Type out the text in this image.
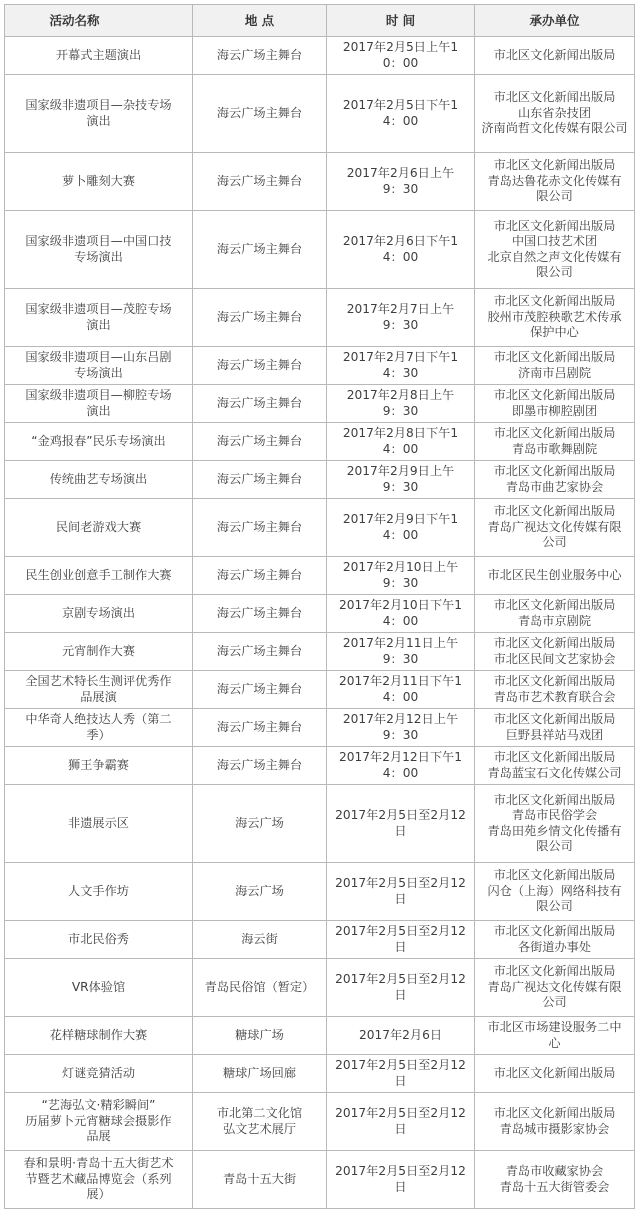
活动名称	地 点	时 间	承办单位

开幕式主题演出	海云广场主舞台	2017年2月5日上午1
0：00	市北区文化新闻出版局

国家级非遗项目—杂技专场
演出	海云广场主舞台	2017年2月5日下午1
4：00	市北区文化新闻出版局
山东省杂技团
济南尚哲文化传媒有限公司

萝卜雕刻大赛	海云广场主舞台	2017年2月6日上午
9：30	市北区文化新闻出版局
青岛达鲁花赤文化传媒有
限公司

国家级非遗项目—中国口技
专场演出	海云广场主舞台	2017年2月6日下午1
4：00	市北区文化新闻出版局
中国口技艺术团
北京自然之声文化传媒有
限公司

国家级非遗项目—茂腔专场
演出	海云广场主舞台	2017年2月7日上午
9：30	市北区文化新闻出版局
胶州市茂腔秧歌艺术传承
保护中心

国家级非遗项目—山东吕剧
专场演出	海云广场主舞台	2017年2月7日下午1
4：30	市北区文化新闻出版局
济南市吕剧院

国家级非遗项目—柳腔专场
演出	海云广场主舞台	2017年2月8日上午
9：30	市北区文化新闻出版局
即墨市柳腔剧团

“金鸡报春”民乐专场演出	海云广场主舞台	2017年2月8日下午1
4：00	市北区文化新闻出版局
青岛市歌舞剧院

传统曲艺专场演出	海云广场主舞台	2017年2月9日上午
9：30	市北区文化新闻出版局
青岛市曲艺家协会

民间老游戏大赛	海云广场主舞台	2017年2月9日下午1
4：00	市北区文化新闻出版局
青岛广视达文化传媒有限
公司

民生创业创意手工制作大赛	海云广场主舞台	2017年2月10日上午
9：30	市北区民生创业服务中心

京剧专场演出	海云广场主舞台	2017年2月10日下午1
4：00	市北区文化新闻出版局
青岛市京剧院

元宵制作大赛	海云广场主舞台	2017年2月11日上午
9：30	市北区文化新闻出版局
市北区民间文艺家协会

全国艺术特长生测评优秀作
品展演	海云广场主舞台	2017年2月11日下午1
4：00	市北区文化新闻出版局
青岛市艺术教育联合会

中华奇人绝技达人秀（第二
季）	海云广场主舞台	2017年2月12日上午
9：30	市北区文化新闻出版局
巨野县祥站马戏团

狮王争霸赛	海云广场主舞台	2017年2月12日下午1
4：00	市北区文化新闻出版局
青岛蓝宝石文化传媒公司

非遗展示区	海云广场	2017年2月5日至2月12
日	市北区文化新闻出版局
青岛市民俗学会
青岛田苑乡情文化传播有
限公司

人文手作坊	海云广场	2017年2月5日至2月12
日	市北区文化新闻出版局
闪仓（上海）网络科技有
限公司

市北民俗秀	海云街	2017年2月5日至2月12
日	市北区文化新闻出版局
各街道办事处

VR体验馆	青岛民俗馆（暂定）	2017年2月5日至2月12
日	市北区文化新闻出版局
青岛广视达文化传媒有限
公司

花样糖球制作大赛	糖球广场	2017年2月6日	市北区市场建设服务二中
心

灯谜竞猜活动	糖球广场回廊	2017年2月5日至2月12
日	市北区文化新闻出版局

“艺海弘文·精彩瞬间”
历届萝卜元宵糖球会摄影作
品展	市北第二文化馆
弘文艺术展厅	2017年2月5日至2月12
日	市北区文化新闻出版局
青岛城市摄影家协会

春和景明·青岛十五大街艺术
节暨艺术藏品博览会（系列
展）	青岛十五大街	2017年2月5日至2月12
日	青岛市收藏家协会
青岛十五大街管委会
